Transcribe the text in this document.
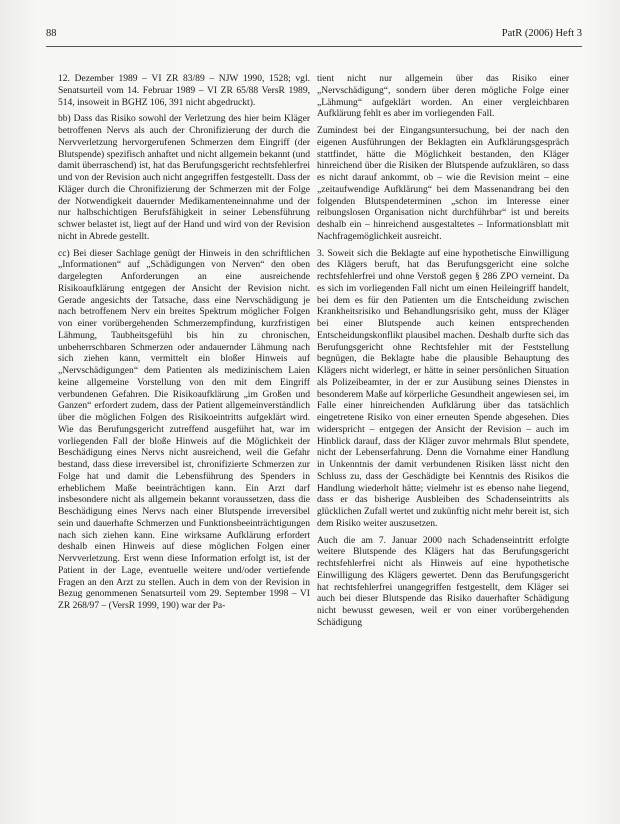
88	PatR (2006) Heft 3

12. Dezember 1989 – VI ZR 83/89 – NJW 1990, 1528; vgl. Senatsurteil vom 14. Februar 1989 – VI ZR 65/88 VersR 1989, 514, insoweit in BGHZ 106, 391 nicht abgedruckt).

bb) Dass das Risiko sowohl der Verletzung des hier beim Kläger betroffenen Nervs als auch der Chronifizierung der durch die Nervverletzung hervorgerufenen Schmerzen dem Eingriff (der Blutspende) spezifisch anhaftet und nicht allgemein bekannt (und damit überraschend) ist, hat das Berufungsgericht rechtsfehlerfrei und von der Revision auch nicht angegriffen festgestellt. Dass der Kläger durch die Chronifizierung der Schmerzen mit der Folge der Notwendigkeit dauernder Medikamenteneinnahme und der nur halbschichtigen Berufsfähigkeit in seiner Lebensführung schwer belastet ist, liegt auf der Hand und wird von der Revision nicht in Abrede gestellt.

cc) Bei dieser Sachlage genügt der Hinweis in den schriftlichen „Informationen“ auf „Schädigungen von Nerven“ den oben dargelegten Anforderungen an eine ausreichende Risikoaufklärung entgegen der Ansicht der Revision nicht. Gerade angesichts der Tatsache, dass eine Nervschädigung je nach betroffenem Nerv ein breites Spektrum möglicher Folgen von einer vorübergehenden Schmerzempfindung, kurzfristigen Lähmung, Taubheitsgefühl bis hin zu chronischen, unbeherrschbaren Schmerzen oder andauernder Lähmung nach sich ziehen kann, vermittelt ein bloßer Hinweis auf „Nervschädigungen“ dem Patienten als medizinischem Laien keine allgemeine Vorstellung von den mit dem Eingriff verbundenen Gefahren. Die Risikoaufklärung „im Großen und Ganzen“ erfordert zudem, dass der Patient allgemeinverständlich über die möglichen Folgen des Risikoeintritts aufgeklärt wird. Wie das Berufungsgericht zutreffend ausgeführt hat, war im vorliegenden Fall der bloße Hinweis auf die Möglichkeit der Beschädigung eines Nervs nicht ausreichend, weil die Gefahr bestand, dass diese irreversibel ist, chronifizierte Schmerzen zur Folge hat und damit die Lebensführung des Spenders in erheblichem Maße beeinträchtigen kann. Ein Arzt darf insbesondere nicht als allgemein bekannt voraussetzen, dass die Beschädigung eines Nervs nach einer Blutspende irreversibel sein und dauerhafte Schmerzen und Funktionsbeeinträchtigungen nach sich ziehen kann. Eine wirksame Aufklärung erfordert deshalb einen Hinweis auf diese möglichen Folgen einer Nervverletzung. Erst wenn diese Information erfolgt ist, ist der Patient in der Lage, eventuelle weitere und/oder vertiefende Fragen an den Arzt zu stellen. Auch in dem von der Revision in Bezug genommenen Senatsurteil vom 29. September 1998 – VI ZR 268/97 – (VersR 1999, 190) war der Pa-

tient nicht nur allgemein über das Risiko einer „Nervschädigung“, sondern über deren mögliche Folge einer „Lähmung“ aufgeklärt worden. An einer vergleichbaren Aufklärung fehlt es aber im vorliegenden Fall.

Zumindest bei der Eingangsuntersuchung, bei der nach den eigenen Ausführungen der Beklagten ein Aufklärungsgespräch stattfindet, hätte die Möglichkeit bestanden, den Kläger hinreichend über die Risiken der Blutspende aufzuklären, so dass es nicht darauf ankommt, ob – wie die Revision meint – eine „zeitaufwendige Aufklärung“ bei dem Massenandrang bei den folgenden Blutspendeterminen „schon im Interesse einer reibungslosen Organisation nicht durchführbar“ ist und bereits deshalb ein – hinreichend ausgestaltetes – Informationsblatt mit Nachfragemöglichkeit ausreicht.

3. Soweit sich die Beklagte auf eine hypothetische Einwilligung des Klägers beruft, hat das Berufungsgericht eine solche rechtsfehlerfrei und ohne Verstoß gegen § 286 ZPO verneint. Da es sich im vorliegenden Fall nicht um einen Heileingriff handelt, bei dem es für den Patienten um die Entscheidung zwischen Krankheitsrisiko und Behandlungsrisiko geht, muss der Kläger bei einer Blutspende auch keinen entsprechenden Entscheidungskonflikt plausibel machen. Deshalb durfte sich das Berufungsgericht ohne Rechtsfehler mit der Feststellung begnügen, die Beklagte habe die plausible Behauptung des Klägers nicht widerlegt, er hätte in seiner persönlichen Situation als Polizeibeamter, in der er zur Ausübung seines Dienstes in besonderem Maße auf körperliche Gesundheit angewiesen sei, im Falle einer hinreichenden Aufklärung über das tatsächlich eingetretene Risiko von einer erneuten Spende abgesehen. Dies widerspricht – entgegen der Ansicht der Revision – auch im Hinblick darauf, dass der Kläger zuvor mehrmals Blut spendete, nicht der Lebenserfahrung. Denn die Vornahme einer Handlung in Unkenntnis der damit verbundenen Risiken lässt nicht den Schluss zu, dass der Geschädigte bei Kenntnis des Risikos die Handlung wiederholt hätte; vielmehr ist es ebenso nahe liegend, dass er das bisherige Ausbleiben des Schadenseintritts als glücklichen Zufall wertet und zukünftig nicht mehr bereit ist, sich dem Risiko weiter auszusetzen.

Auch die am 7. Januar 2000 nach Schadenseintritt erfolgte weitere Blutspende des Klägers hat das Berufungsgericht rechtsfehlerfrei nicht als Hinweis auf eine hypothetische Einwilligung des Klägers gewertet. Denn das Berufungsgericht hat rechtsfehlerfrei unangegriffen festgestellt, dem Kläger sei auch bei dieser Blutspende das Risiko dauerhafter Schädigung nicht bewusst gewesen, weil er von einer vorübergehenden Schädigung
